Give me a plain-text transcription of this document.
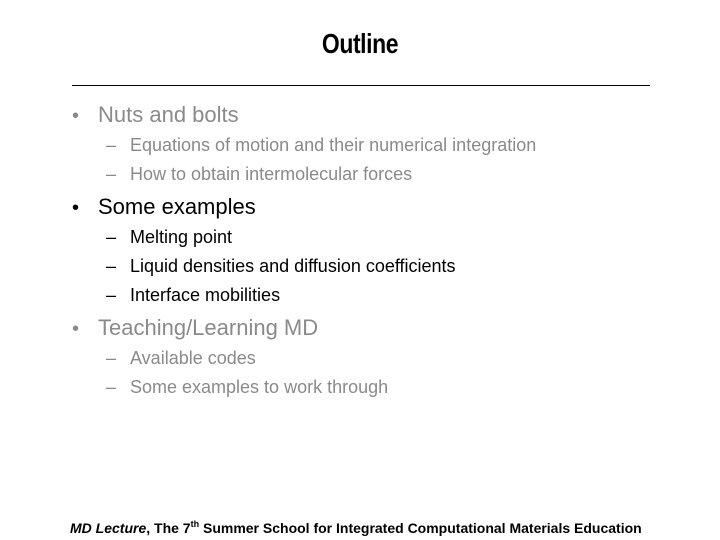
Outline
• Nuts and bolts
– Equations of motion and their numerical integration
– How to obtain intermolecular forces
• Some examples
– Melting point
– Liquid densities and diffusion coefficients
– Interface mobilities
• Teaching/Learning MD
– Available codes
– Some examples to work through
MD Lecture, The 7th Summer School for Integrated Computational Materials Education
